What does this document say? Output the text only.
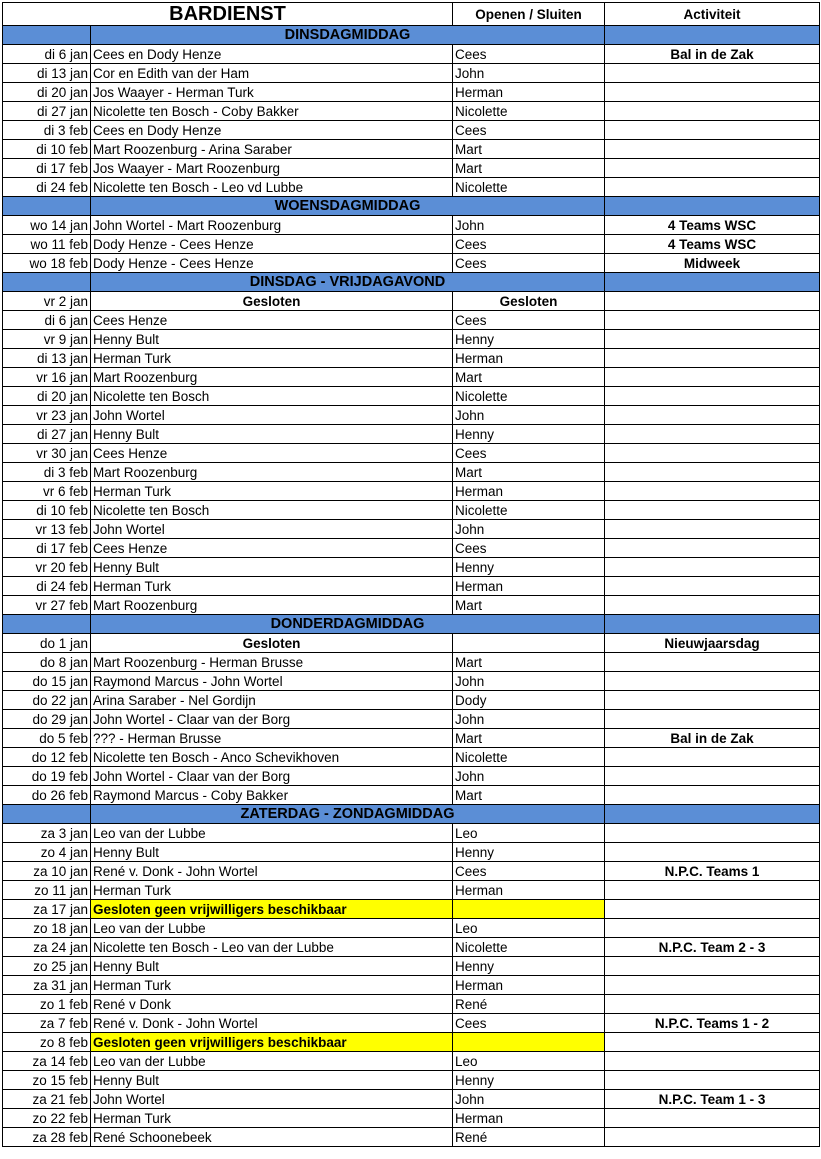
BARDIENST		Openen / Sluiten	Activiteit
	DINSDAGMIDDAG		
di 6 jan	Cees en Dody Henze	Cees	Bal in de Zak
di 13 jan	Cor en Edith van der Ham	John	
di 20 jan	Jos Waayer - Herman Turk	Herman	
di 27 jan	Nicolette ten Bosch - Coby Bakker	Nicolette	
di 3 feb	Cees en Dody Henze	Cees	
di 10 feb	Mart Roozenburg - Arina Saraber	Mart	
di 17 feb	Jos Waayer - Mart Roozenburg	Mart	
di 24 feb	Nicolette ten Bosch - Leo vd Lubbe	Nicolette	
	WOENSDAGMIDDAG		
wo 14 jan	John Wortel - Mart Roozenburg	John	4 Teams WSC
wo 11 feb	Dody Henze - Cees Henze	Cees	4 Teams WSC
wo 18 feb	Dody Henze - Cees Henze	Cees	Midweek
	DINSDAG - VRIJDAGAVOND		
vr 2 jan	Gesloten	Gesloten	
di 6 jan	Cees Henze	Cees	
vr 9 jan	Henny Bult	Henny	
di 13 jan	Herman Turk	Herman	
vr 16 jan	Mart Roozenburg	Mart	
di 20 jan	Nicolette ten Bosch	Nicolette	
vr 23 jan	John Wortel	John	
di 27 jan	Henny Bult	Henny	
vr 30 jan	Cees Henze	Cees	
di 3 feb	Mart Roozenburg	Mart	
vr 6 feb	Herman Turk	Herman	
di 10 feb	Nicolette ten Bosch	Nicolette	
vr 13 feb	John Wortel	John	
di 17 feb	Cees Henze	Cees	
vr 20 feb	Henny Bult	Henny	
di 24 feb	Herman Turk	Herman	
vr 27 feb	Mart Roozenburg	Mart	
	DONDERDAGMIDDAG		
do 1 jan	Gesloten		Nieuwjaarsdag
do 8 jan	Mart Roozenburg - Herman Brusse	Mart	
do 15 jan	Raymond Marcus - John Wortel	John	
do 22 jan	Arina Saraber - Nel Gordijn	Dody	
do 29 jan	John Wortel - Claar van der Borg	John	
do 5 feb	??? - Herman Brusse	Mart	Bal in de Zak
do 12 feb	Nicolette ten Bosch - Anco Schevikhoven	Nicolette	
do 19 feb	John Wortel - Claar van der Borg	John	
do 26 feb	Raymond Marcus - Coby Bakker	Mart	
	ZATERDAG - ZONDAGMIDDAG		
za 3 jan	Leo van der Lubbe	Leo	
zo 4 jan	Henny Bult	Henny	
za 10 jan	René v. Donk - John Wortel	Cees	N.P.C. Teams 1
zo 11 jan	Herman Turk	Herman	
za 17 jan	Gesloten geen vrijwilligers beschikbaar		
zo 18 jan	Leo van der Lubbe	Leo	
za 24 jan	Nicolette ten Bosch - Leo van der Lubbe	Nicolette	N.P.C. Team 2 - 3
zo 25 jan	Henny Bult	Henny	
za 31 jan	Herman Turk	Herman	
zo 1 feb	René v Donk	René	
za 7 feb	René v. Donk - John Wortel	Cees	N.P.C. Teams 1 - 2
zo 8 feb	Gesloten geen vrijwilligers beschikbaar		
za 14 feb	Leo van der Lubbe	Leo	
zo 15 feb	Henny Bult	Henny	
za 21 feb	John Wortel	John	N.P.C. Team 1 - 3
zo 22 feb	Herman Turk	Herman	
za 28 feb	René Schoonebeek	René	
